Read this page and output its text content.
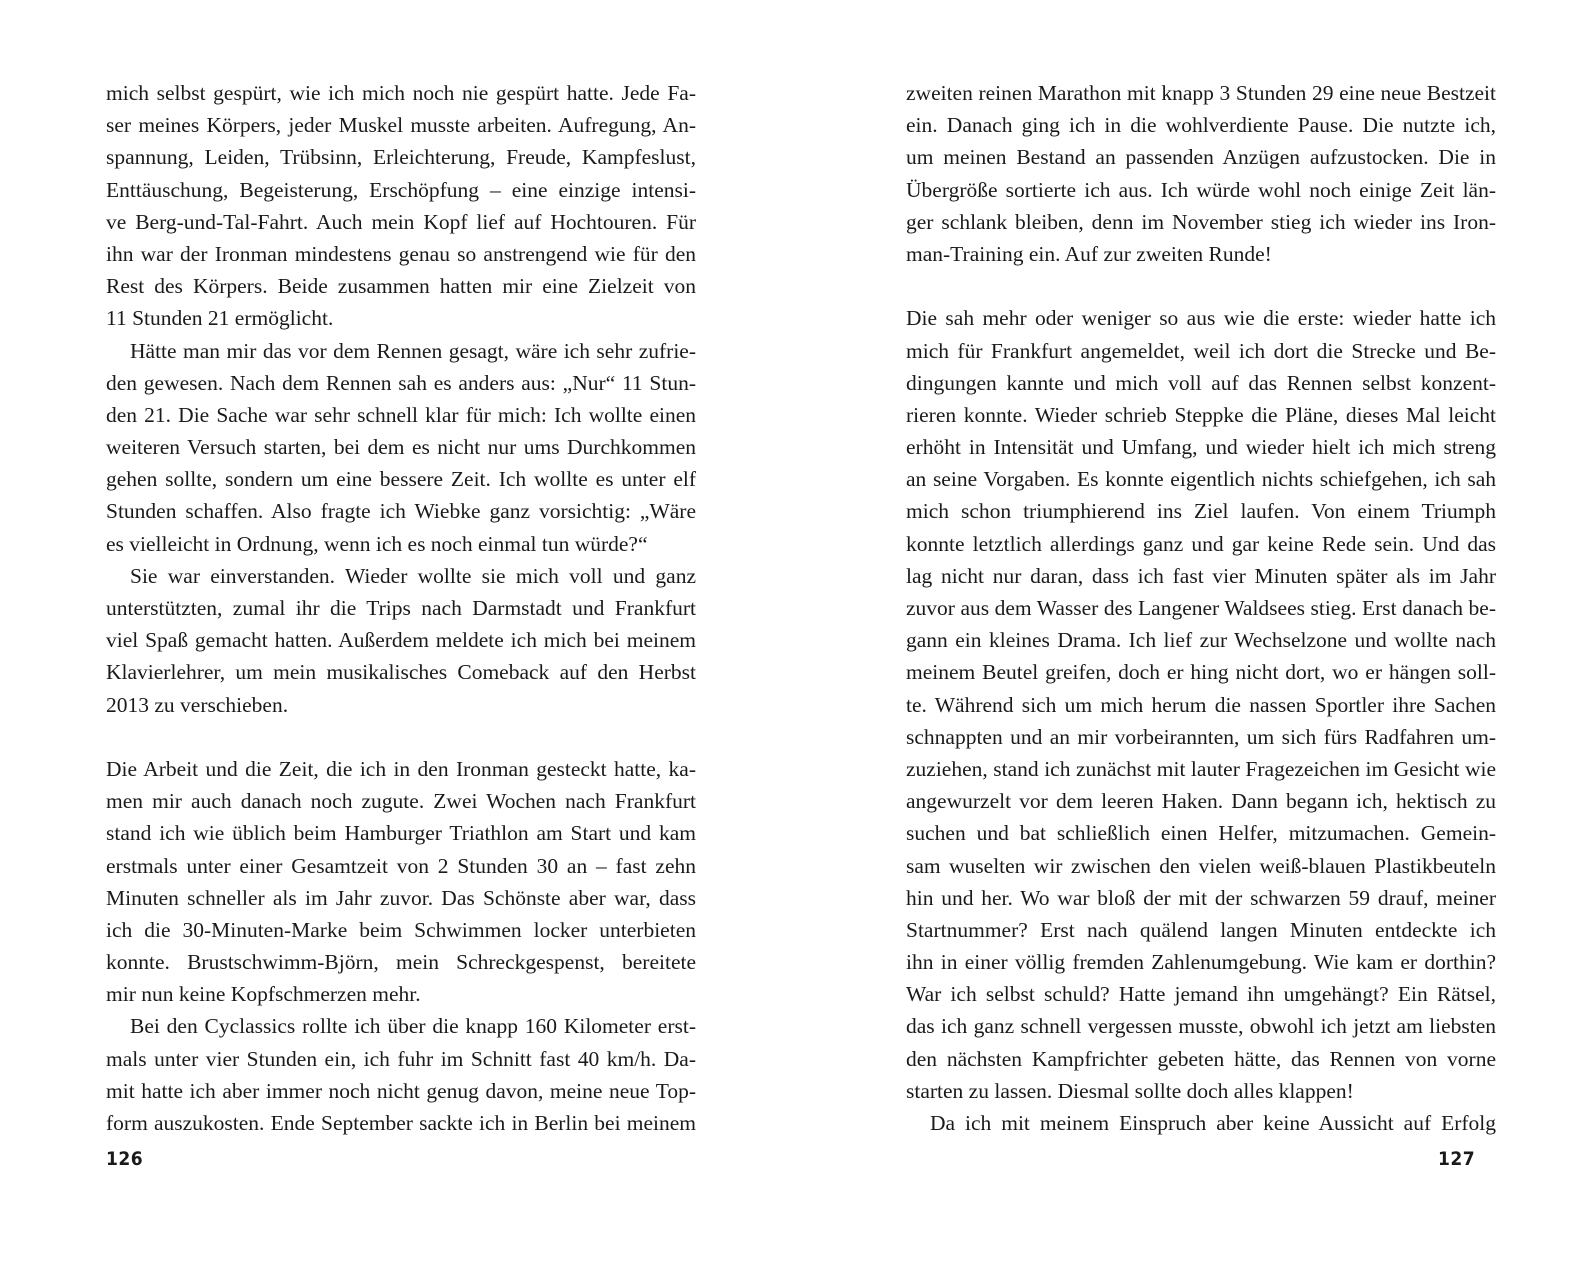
mich selbst gespürt, wie ich mich noch nie gespürt hatte. Jede Fa-
ser meines Körpers, jeder Muskel musste arbeiten. Aufregung, An-
spannung, Leiden, Trübsinn, Erleichterung, Freude, Kampfeslust,
Enttäuschung, Begeisterung, Erschöpfung – eine einzige intensi-
ve Berg-und-Tal-Fahrt. Auch mein Kopf lief auf Hochtouren. Für
ihn war der Ironman mindestens genau so anstrengend wie für den
Rest des Körpers. Beide zusammen hatten mir eine Zielzeit von
11 Stunden 21 ermöglicht.
Hätte man mir das vor dem Rennen gesagt, wäre ich sehr zufrie-
den gewesen. Nach dem Rennen sah es anders aus: „Nur“ 11 Stun-
den 21. Die Sache war sehr schnell klar für mich: Ich wollte einen
weiteren Versuch starten, bei dem es nicht nur ums Durchkommen
gehen sollte, sondern um eine bessere Zeit. Ich wollte es unter elf
Stunden schaffen. Also fragte ich Wiebke ganz vorsichtig: „Wäre
es vielleicht in Ordnung, wenn ich es noch einmal tun würde?“
Sie war einverstanden. Wieder wollte sie mich voll und ganz
unterstützten, zumal ihr die Trips nach Darmstadt und Frankfurt
viel Spaß gemacht hatten. Außerdem meldete ich mich bei meinem
Klavierlehrer, um mein musikalisches Comeback auf den Herbst
2013 zu verschieben.
Die Arbeit und die Zeit, die ich in den Ironman gesteckt hatte, ka-
men mir auch danach noch zugute. Zwei Wochen nach Frankfurt
stand ich wie üblich beim Hamburger Triathlon am Start und kam
erstmals unter einer Gesamtzeit von 2 Stunden 30 an – fast zehn
Minuten schneller als im Jahr zuvor. Das Schönste aber war, dass
ich die 30-Minuten-Marke beim Schwimmen locker unterbieten
konnte. Brustschwimm-Björn, mein Schreckgespenst, bereitete
mir nun keine Kopfschmerzen mehr.
Bei den Cyclassics rollte ich über die knapp 160 Kilometer erst-
mals unter vier Stunden ein, ich fuhr im Schnitt fast 40 km/h. Da-
mit hatte ich aber immer noch nicht genug davon, meine neue Top-
form auszukosten. Ende September sackte ich in Berlin bei meinem
zweiten reinen Marathon mit knapp 3 Stunden 29 eine neue Bestzeit
ein. Danach ging ich in die wohlverdiente Pause. Die nutzte ich,
um meinen Bestand an passenden Anzügen aufzustocken. Die in
Übergröße sortierte ich aus. Ich würde wohl noch einige Zeit län-
ger schlank bleiben, denn im November stieg ich wieder ins Iron-
man-Training ein. Auf zur zweiten Runde!
Die sah mehr oder weniger so aus wie die erste: wieder hatte ich
mich für Frankfurt angemeldet, weil ich dort die Strecke und Be-
dingungen kannte und mich voll auf das Rennen selbst konzent-
rieren konnte. Wieder schrieb Steppke die Pläne, dieses Mal leicht
erhöht in Intensität und Umfang, und wieder hielt ich mich streng
an seine Vorgaben. Es konnte eigentlich nichts schiefgehen, ich sah
mich schon triumphierend ins Ziel laufen. Von einem Triumph
konnte letztlich allerdings ganz und gar keine Rede sein. Und das
lag nicht nur daran, dass ich fast vier Minuten später als im Jahr
zuvor aus dem Wasser des Langener Waldsees stieg. Erst danach be-
gann ein kleines Drama. Ich lief zur Wechselzone und wollte nach
meinem Beutel greifen, doch er hing nicht dort, wo er hängen soll-
te. Während sich um mich herum die nassen Sportler ihre Sachen
schnappten und an mir vorbeirannten, um sich fürs Radfahren um-
zuziehen, stand ich zunächst mit lauter Fragezeichen im Gesicht wie
angewurzelt vor dem leeren Haken. Dann begann ich, hektisch zu
suchen und bat schließlich einen Helfer, mitzumachen. Gemein-
sam wuselten wir zwischen den vielen weiß-blauen Plastikbeuteln
hin und her. Wo war bloß der mit der schwarzen 59 drauf, meiner
Startnummer? Erst nach quälend langen Minuten entdeckte ich
ihn in einer völlig fremden Zahlenumgebung. Wie kam er dorthin?
War ich selbst schuld? Hatte jemand ihn umgehängt? Ein Rätsel,
das ich ganz schnell vergessen musste, obwohl ich jetzt am liebsten
den nächsten Kampfrichter gebeten hätte, das Rennen von vorne
starten zu lassen. Diesmal sollte doch alles klappen!
Da ich mit meinem Einspruch aber keine Aussicht auf Erfolg
126	127
